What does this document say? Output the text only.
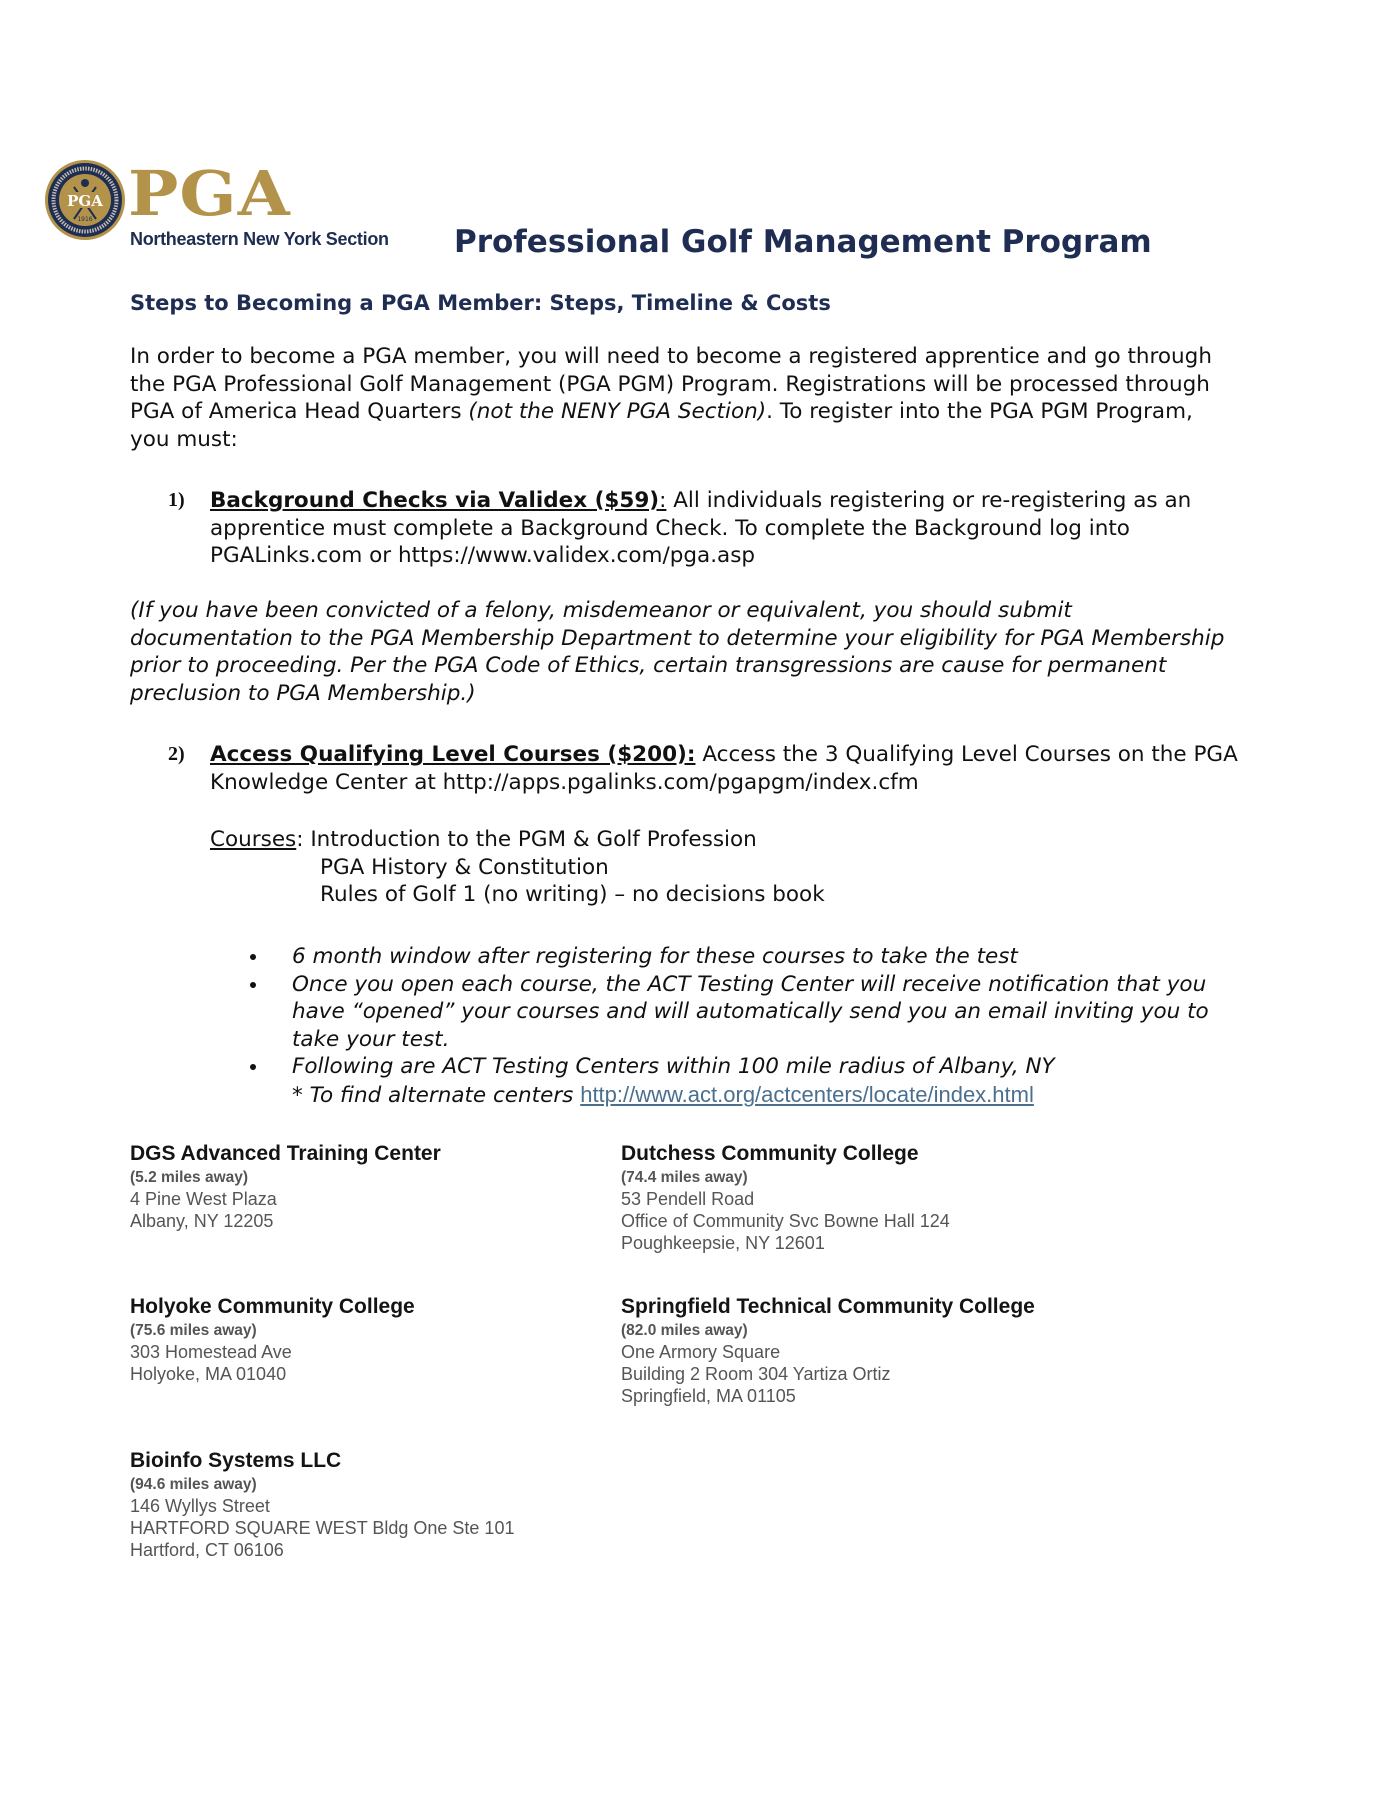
PGA
1916 PGA
Northeastern New York Section Professional Golf Management Program
Steps to Becoming a PGA Member: Steps, Timeline & Costs
In order to become a PGA member, you will need to become a registered apprentice and go through the PGA Professional Golf Management (PGA PGM) Program. Registrations will be processed through PGA of America Head Quarters (not the NENY PGA Section). To register into the PGA PGM Program, you must:
1) Background Checks via Validex ($59): All individuals registering or re-registering as an apprentice must complete a Background Check. To complete the Background log into PGALinks.com or https://www.validex.com/pga.asp
(If you have been convicted of a felony, misdemeanor or equivalent, you should submit documentation to the PGA Membership Department to determine your eligibility for PGA Membership prior to proceeding. Per the PGA Code of Ethics, certain transgressions are cause for permanent preclusion to PGA Membership.)
2) Access Qualifying Level Courses ($200): Access the 3 Qualifying Level Courses on the PGA Knowledge Center at http://apps.pgalinks.com/pgapgm/index.cfm
Courses: Introduction to the PGM & Golf Profession
PGA History & Constitution
Rules of Golf 1 (no writing) – no decisions book
6 month window after registering for these courses to take the test
Once you open each course, the ACT Testing Center will receive notification that you have “opened” your courses and will automatically send you an email inviting you to take your test.
Following are ACT Testing Centers within 100 mile radius of Albany, NY
* To find alternate centers http://www.act.org/actcenters/locate/index.html
DGS Advanced Training Center
(5.2 miles away)
4 Pine West Plaza
Albany, NY 12205
Dutchess Community College
(74.4 miles away)
53 Pendell Road
Office of Community Svc Bowne Hall 124
Poughkeepsie, NY 12601
Holyoke Community College
(75.6 miles away)
303 Homestead Ave
Holyoke, MA 01040
Springfield Technical Community College
(82.0 miles away)
One Armory Square
Building 2 Room 304 Yartiza Ortiz
Springfield, MA 01105
Bioinfo Systems LLC
(94.6 miles away)
146 Wyllys Street
HARTFORD SQUARE WEST Bldg One Ste 101
Hartford, CT 06106
